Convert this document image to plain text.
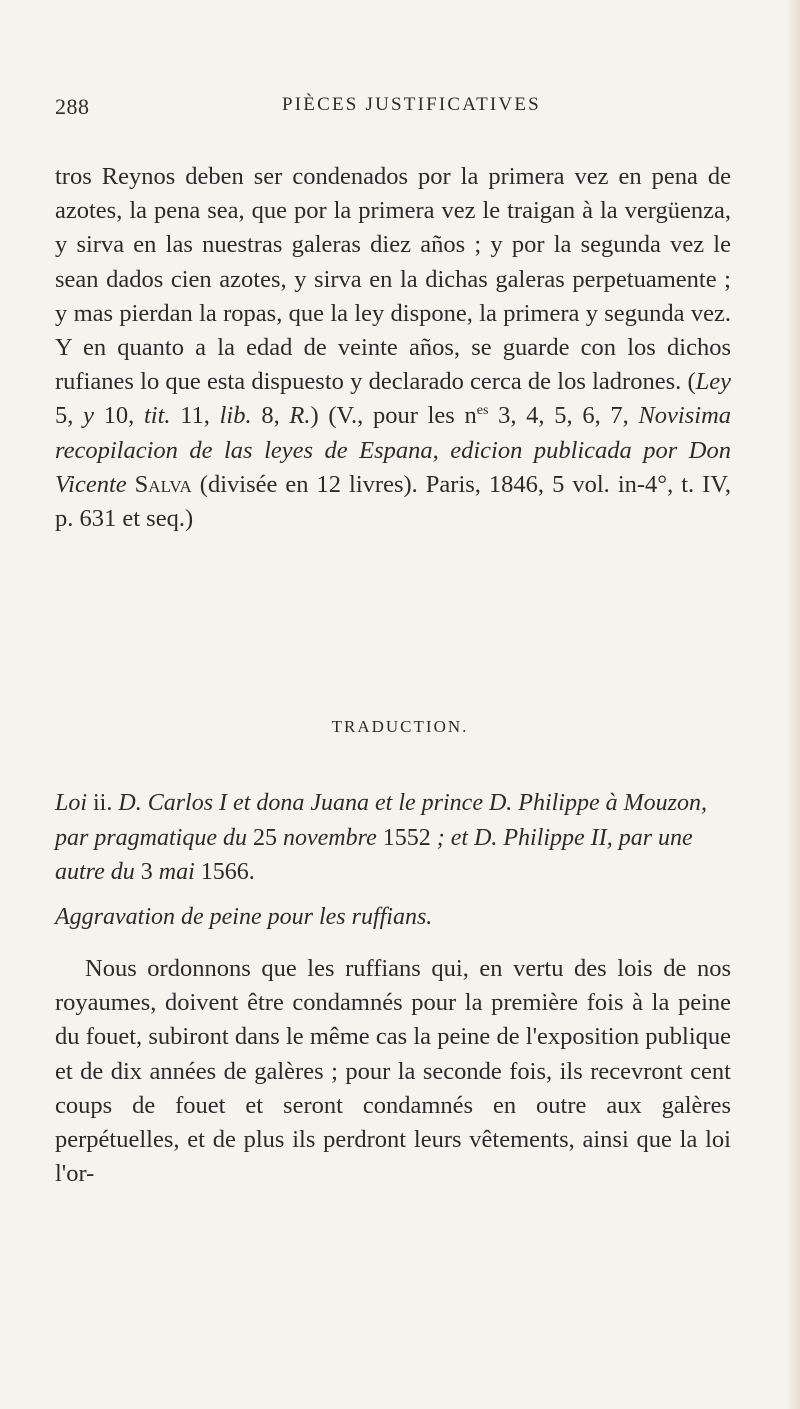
288	PIÈCES JUSTIFICATIVES

tros Reynos deben ser condenados por la primera vez en pena de azotes, la pena sea, que por la primera vez le traigan à la vergüenza, y sirva en las nuestras galeras diez años ; y por la segunda vez le sean dados cien azotes, y sirva en la dichas galeras perpetuamente ; y mas pierdan la ropas, que la ley dispone, la primera y segunda vez. Y en quanto a la edad de veinte años, se guarde con los dichos rufianes lo que esta dispuesto y declarado cerca de los ladrones. (Ley 5, y 10, tit. 11, lib. 8, R.) (V., pour les $n^{es}$ 3, 4, 5, 6, 7, Novisima recopilacion de las leyes de Espana, edicion publicada por Don Vicente Salva (divisée en 12 livres). Paris, 1846, 5 vol. in-4°, t. IV, p. 631 et seq.)

TRADUCTION.

Loi ii. D. Carlos I et dona Juana et le prince D. Philippe à Mouzon, par pragmatique du 25 novembre 1552 ; et D. Philippe II, par une autre du 3 mai 1566.

Aggravation de peine pour les ruffians.

Nous ordonnons que les ruffians qui, en vertu des lois de nos royaumes, doivent être condamnés pour la première fois à la peine du fouet, subiront dans le même cas la peine de l'exposition publique et de dix années de galères ; pour la seconde fois, ils recevront cent coups de fouet et seront condamnés en outre aux galères perpétuelles, et de plus ils perdront leurs vêtements, ainsi que la loi l'or-
